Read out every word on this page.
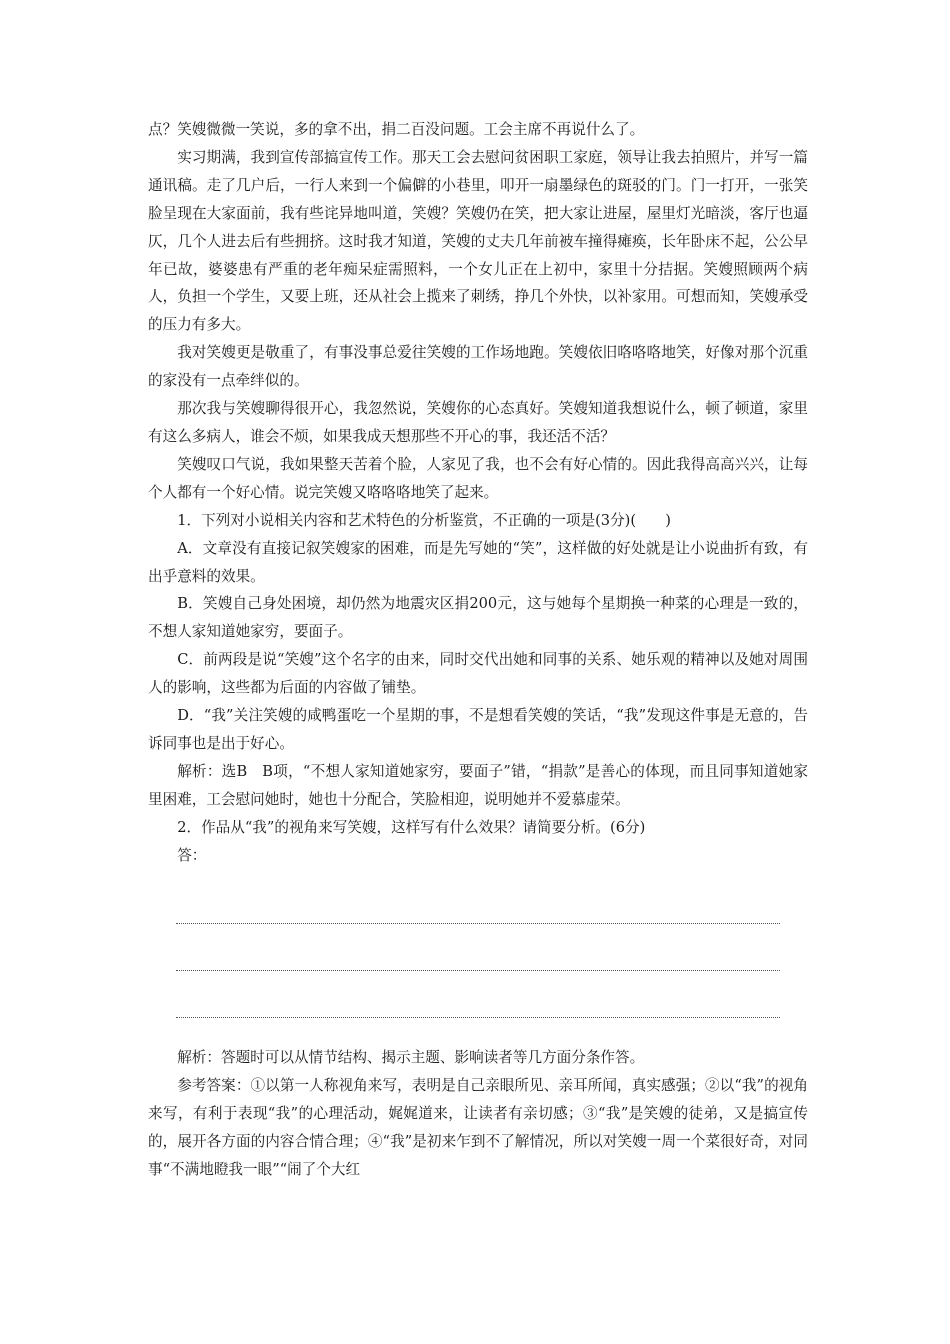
点？笑嫂微微一笑说，多的拿不出，捐二百没问题。工会主席不再说什么了。

实习期满，我到宣传部搞宣传工作。那天工会去慰问贫困职工家庭，领导让我去拍照片，并写一篇通讯稿。走了几户后，一行人来到一个偏僻的小巷里，叩开一扇墨绿色的斑驳的门。门一打开，一张笑脸呈现在大家面前，我有些诧异地叫道，笑嫂？笑嫂仍在笑，把大家让进屋，屋里灯光暗淡，客厅也逼仄，几个人进去后有些拥挤。这时我才知道，笑嫂的丈夫几年前被车撞得瘫痪，长年卧床不起，公公早年已故，婆婆患有严重的老年痴呆症需照料，一个女儿正在上初中，家里十分拮据。笑嫂照顾两个病人，负担一个学生，又要上班，还从社会上揽来了刺绣，挣几个外快，以补家用。可想而知，笑嫂承受的压力有多大。

我对笑嫂更是敬重了，有事没事总爱往笑嫂的工作场地跑。笑嫂依旧咯咯咯地笑，好像对那个沉重的家没有一点牵绊似的。

那次我与笑嫂聊得很开心，我忽然说，笑嫂你的心态真好。笑嫂知道我想说什么，顿了顿道，家里有这么多病人，谁会不烦，如果我成天想那些不开心的事，我还活不活？

笑嫂叹口气说，我如果整天苦着个脸，人家见了我，也不会有好心情的。因此我得高高兴兴，让每个人都有一个好心情。说完笑嫂又咯咯咯地笑了起来。

1．下列对小说相关内容和艺术特色的分析鉴赏，不正确的一项是(3分)(　　)

A．文章没有直接记叙笑嫂家的困难，而是先写她的“笑”，这样做的好处就是让小说曲折有致，有出乎意料的效果。

B．笑嫂自己身处困境，却仍然为地震灾区捐200元，这与她每个星期换一种菜的心理是一致的，不想人家知道她家穷，要面子。

C．前两段是说“笑嫂”这个名字的由来，同时交代出她和同事的关系、她乐观的精神以及她对周围人的影响，这些都为后面的内容做了铺垫。

D．“我”关注笑嫂的咸鸭蛋吃一个星期的事，不是想看笑嫂的笑话，“我”发现这件事是无意的，告诉同事也是出于好心。

解析：选B　B项，“不想人家知道她家穷，要面子”错，“捐款”是善心的体现，而且同事知道她家里困难，工会慰问她时，她也十分配合，笑脸相迎，说明她并不爱慕虚荣。

2．作品从“我”的视角来写笑嫂，这样写有什么效果？请简要分析。(6分)

答：

解析：答题时可以从情节结构、揭示主题、影响读者等几方面分条作答。

参考答案：①以第一人称视角来写，表明是自己亲眼所见、亲耳所闻，真实感强；②以“我”的视角来写，有利于表现“我”的心理活动，娓娓道来，让读者有亲切感；③“我”是笑嫂的徒弟，又是搞宣传的，展开各方面的内容合情合理；④“我”是初来乍到不了解情况，所以对笑嫂一周一个菜很好奇，对同事“不满地瞪我一眼”“闹了个大红
